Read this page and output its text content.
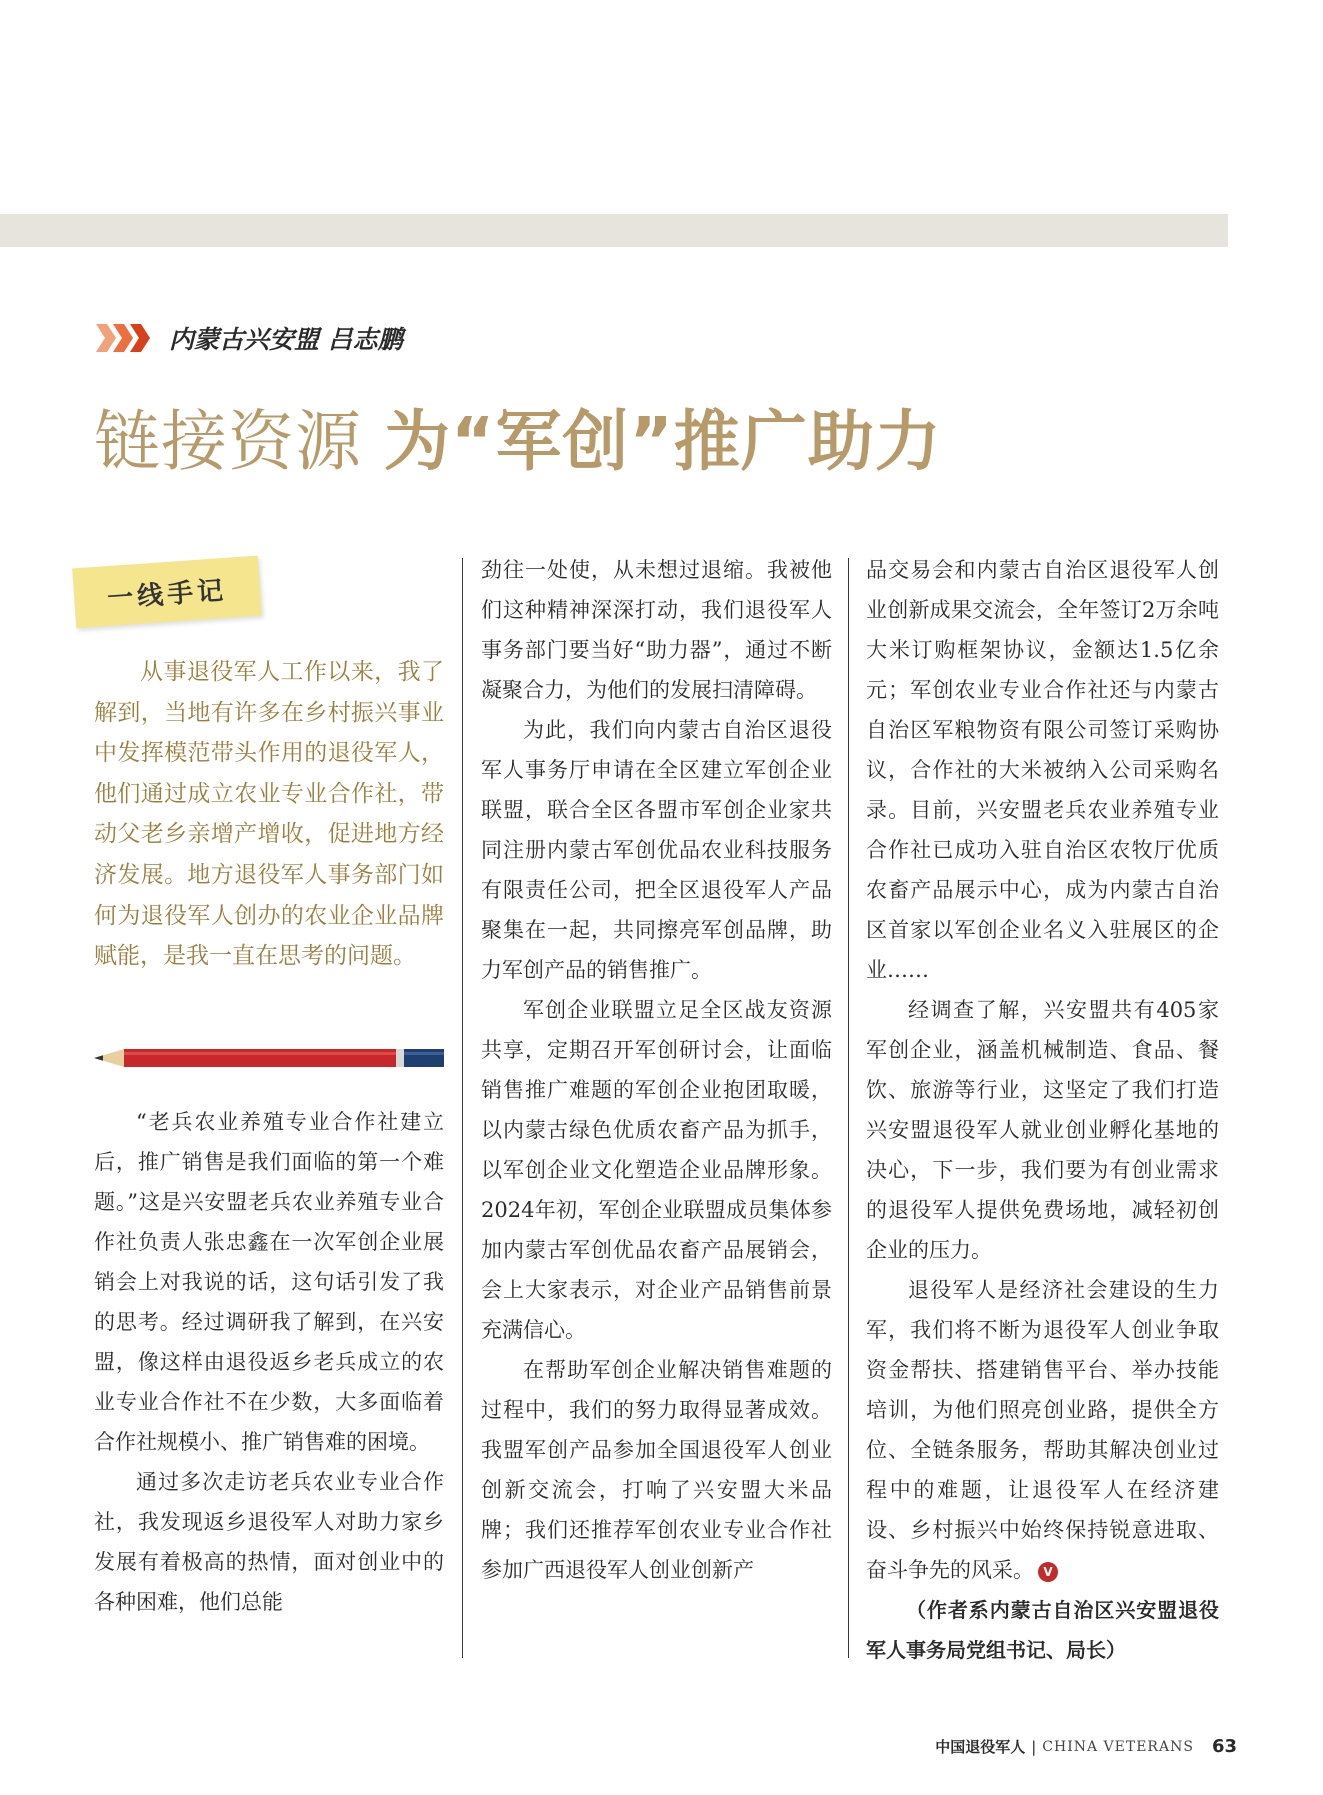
内蒙古兴安盟 吕志鹏
链接资源 为“军创”推广助力
一线手记

从事退役军人工作以来，我了解到，当地有许多在乡村振兴事业中发挥模范带头作用的退役军人，他们通过成立农业专业合作社，带动父老乡亲增产增收，促进地方经济发展。地方退役军人事务部门如何为退役军人创办的农业企业品牌赋能，是我一直在思考的问题。

“老兵农业养殖专业合作社建立后，推广销售是我们面临的第一个难题。”这是兴安盟老兵农业养殖专业合作社负责人张忠鑫在一次军创企业展销会上对我说的话，这句话引发了我的思考。经过调研我了解到，在兴安盟，像这样由退役返乡老兵成立的农业专业合作社不在少数，大多面临着合作社规模小、推广销售难的困境。

通过多次走访老兵农业专业合作社，我发现返乡退役军人对助力家乡发展有着极高的热情，面对创业中的各种困难，他们总能

劲往一处使，从未想过退缩。我被他们这种精神深深打动，我们退役军人事务部门要当好“助力器”，通过不断凝聚合力，为他们的发展扫清障碍。

为此，我们向内蒙古自治区退役军人事务厅申请在全区建立军创企业联盟，联合全区各盟市军创企业家共同注册内蒙古军创优品农业科技服务有限责任公司，把全区退役军人产品聚集在一起，共同擦亮军创品牌，助力军创产品的销售推广。

军创企业联盟立足全区战友资源共享，定期召开军创研讨会，让面临销售推广难题的军创企业抱团取暖，以内蒙古绿色优质农畜产品为抓手，以军创企业文化塑造企业品牌形象。2024年初，军创企业联盟成员集体参加内蒙古军创优品农畜产品展销会，会上大家表示，对企业产品销售前景充满信心。

在帮助军创企业解决销售难题的过程中，我们的努力取得显著成效。我盟军创产品参加全国退役军人创业创新交流会，打响了兴安盟大米品牌；我们还推荐军创农业专业合作社参加广西退役军人创业创新产

品交易会和内蒙古自治区退役军人创业创新成果交流会，全年签订2万余吨大米订购框架协议，金额达1.5亿余元；军创农业专业合作社还与内蒙古自治区军粮物资有限公司签订采购协议，合作社的大米被纳入公司采购名录。目前，兴安盟老兵农业养殖专业合作社已成功入驻自治区农牧厅优质农畜产品展示中心，成为内蒙古自治区首家以军创企业名义入驻展区的企业……

经调查了解，兴安盟共有405家军创企业，涵盖机械制造、食品、餐饮、旅游等行业，这坚定了我们打造兴安盟退役军人就业创业孵化基地的决心，下一步，我们要为有创业需求的退役军人提供免费场地，减轻初创企业的压力。

退役军人是经济社会建设的生力军，我们将不断为退役军人创业争取资金帮扶、搭建销售平台、举办技能培训，为他们照亮创业路，提供全方位、全链条服务，帮助其解决创业过程中的难题，让退役军人在经济建设、乡村振兴中始终保持锐意进取、奋斗争先的风采。 V

（作者系内蒙古自治区兴安盟退役军人事务局党组书记、局长）

中国退役军人 | CHINA VETERANS 63
